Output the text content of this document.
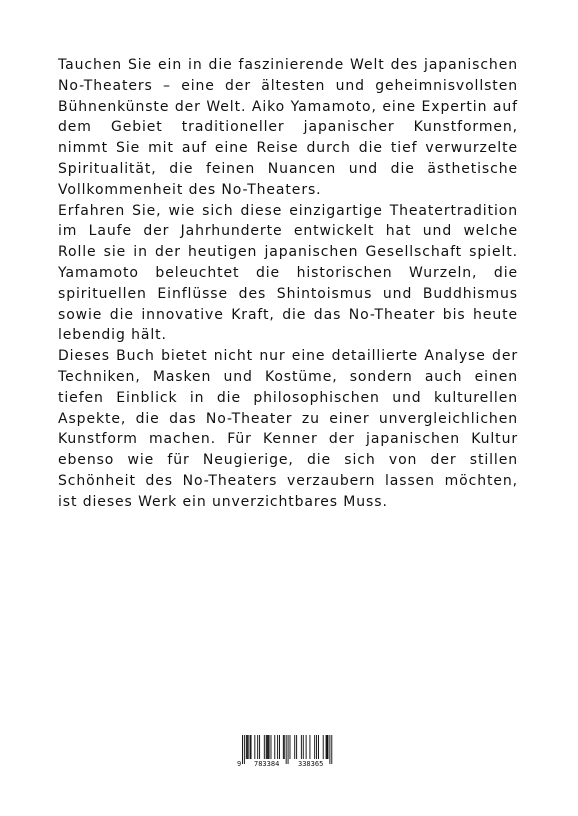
Tauchen Sie ein in die faszinierende Welt des japanischen No-Theaters – eine der ältesten und geheimnisvollsten Bühnenkünste der Welt. Aiko Yamamoto, eine Expertin auf dem Gebiet traditioneller japanischer Kunstformen, nimmt Sie mit auf eine Reise durch die tief verwurzelte Spiritualität, die feinen Nuancen und die ästhetische Vollkommenheit des No-Theaters.

Erfahren Sie, wie sich diese einzigartige Theatertradition im Laufe der Jahrhunderte entwickelt hat und welche Rolle sie in der heutigen japanischen Gesellschaft spielt. Yamamoto beleuchtet die historischen Wurzeln, die spirituellen Einflüsse des Shintoismus und Buddhismus sowie die innovative Kraft, die das No-Theater bis heute lebendig hält.

Dieses Buch bietet nicht nur eine detaillierte Analyse der Techniken, Masken und Kostüme, sondern auch einen tiefen Einblick in die philosophischen und kulturellen Aspekte, die das No-Theater zu einer unvergleichlichen Kunstform machen. Für Kenner der japanischen Kultur ebenso wie für Neugierige, die sich von der stillen Schönheit des No-Theaters verzaubern lassen möchten, ist dieses Werk ein unverzichtbares Muss.

9 783384	338365
